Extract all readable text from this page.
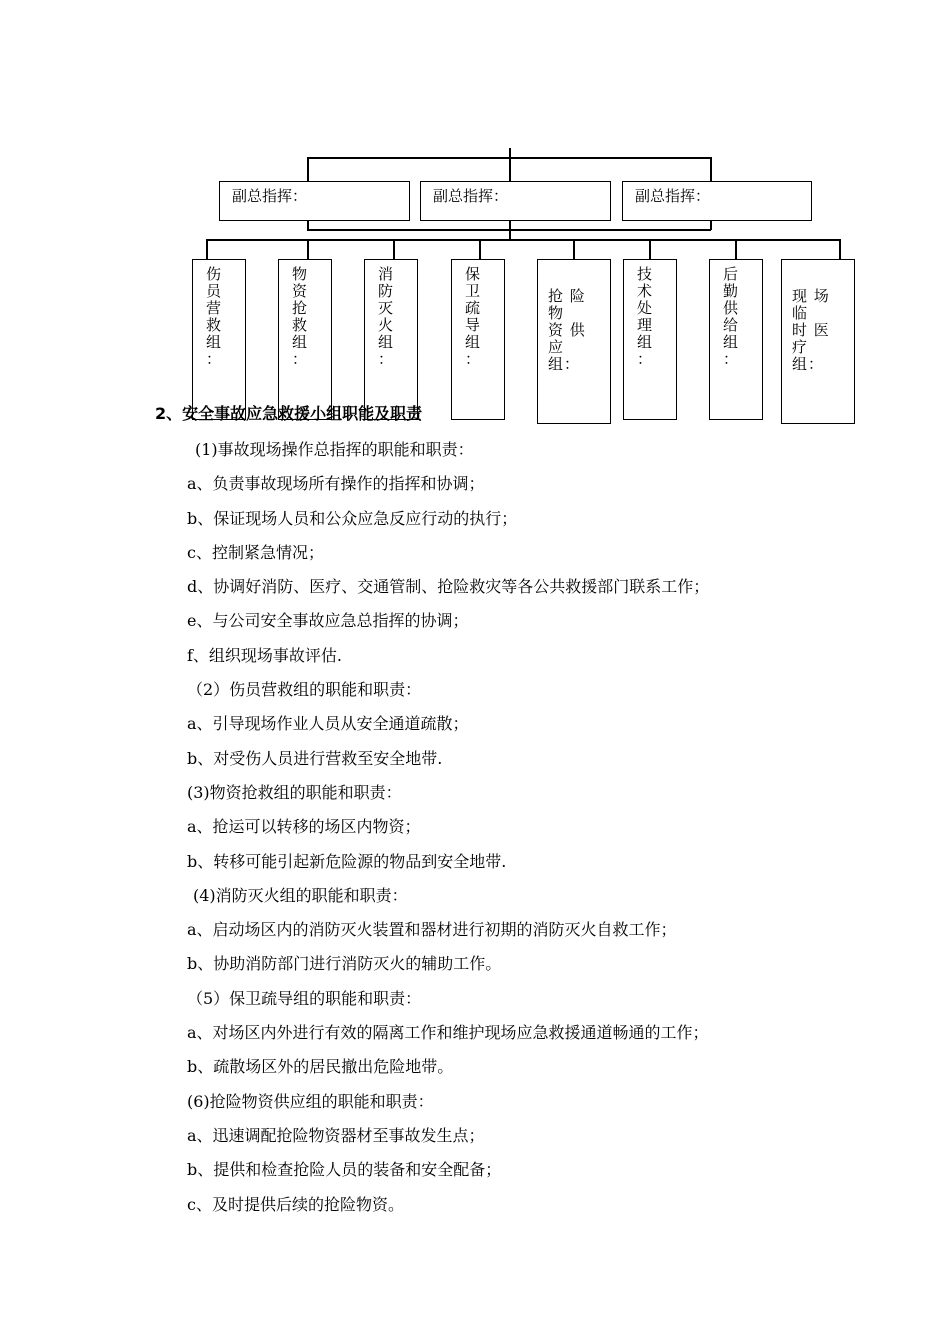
副总指挥：	副总指挥：	副总指挥：
伤
员
营
救
组
：
物
资
抢
救
组
：
消
防
灭
火
组
：
保
卫
疏
导
组
：
抢 险 物
资 供 应
组：
技
术
处
理
组
：
后
勤
供
给
组
：
现 场 临
时 医 疗
组：
2、安全事故应急救援小组职能及职责

(1)事故现场操作总指挥的职能和职责：

a、负责事故现场所有操作的指挥和协调；

b、保证现场人员和公众应急反应行动的执行；

c、控制紧急情况；

d、协调好消防、医疗、交通管制、抢险救灾等各公共救援部门联系工作；

e、与公司安全事故应急总指挥的协调；

f、组织现场事故评估.

（2）伤员营救组的职能和职责：

a、引导现场作业人员从安全通道疏散；

b、对受伤人员进行营救至安全地带.

(3)物资抢救组的职能和职责：

a、抢运可以转移的场区内物资；

b、转移可能引起新危险源的物品到安全地带.

(4)消防灭火组的职能和职责：

a、启动场区内的消防灭火装置和器材进行初期的消防灭火自救工作；

b、协助消防部门进行消防灭火的辅助工作。

（5）保卫疏导组的职能和职责：

a、对场区内外进行有效的隔离工作和维护现场应急救援通道畅通的工作；

b、疏散场区外的居民撤出危险地带。

(6)抢险物资供应组的职能和职责：

a、迅速调配抢险物资器材至事故发生点；

b、提供和检查抢险人员的装备和安全配备；

c、及时提供后续的抢险物资。
